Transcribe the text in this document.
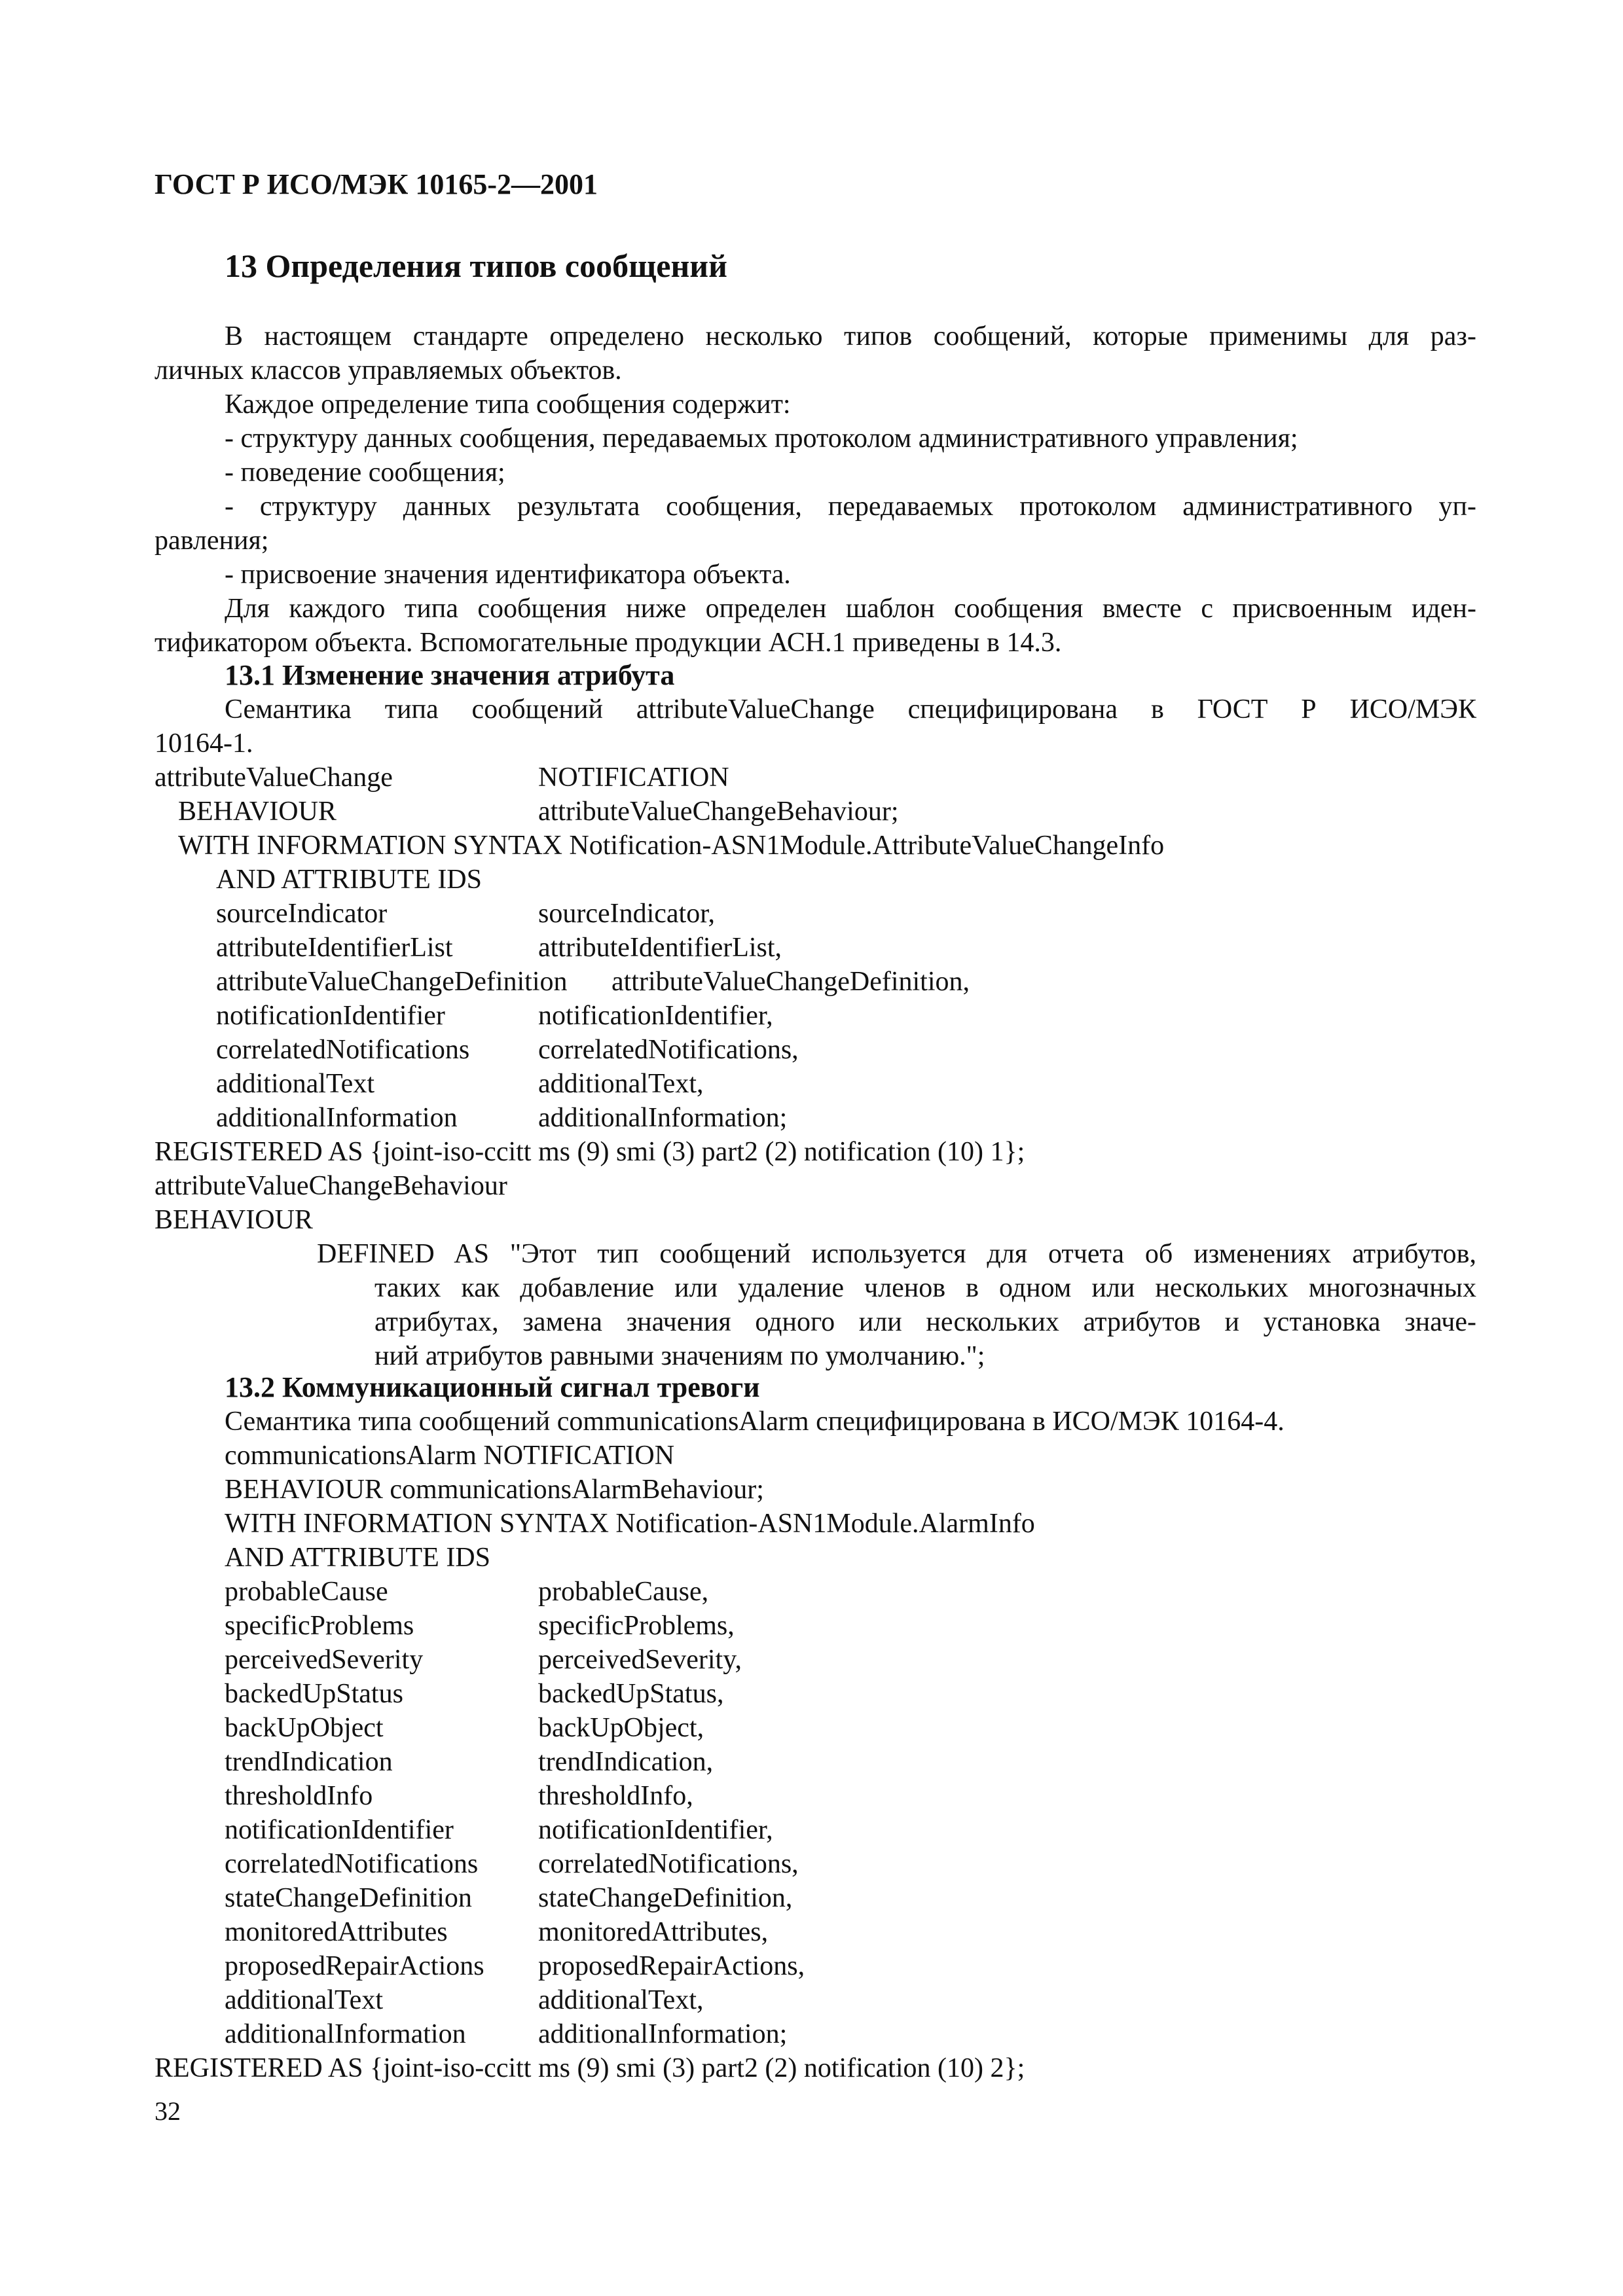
ГОСТ Р ИСО/МЭК 10165-2—2001
13 Определения типов сообщений
В настоящем стандарте определено несколько типов сообщений, которые применимы для раз-
личных классов управляемых объектов.
Каждое определение типа сообщения содержит:
- структуру данных сообщения, передаваемых протоколом административного управления;
- поведение сообщения;
- структуру данных результата сообщения, передаваемых протоколом административного уп-
равления;
- присвоение значения идентификатора объекта.
Для каждого типа сообщения ниже определен шаблон сообщения вместе с присвоенным иден-
тификатором объекта. Вспомогательные продукции АСН.1 приведены в 14.3.
13.1 Изменение значения атрибута
Семантика типа сообщений attributeValueChange специфицирована в ГОСТ Р ИСО/МЭК
10164-1.
attributeValueChange	NOTIFICATION
BEHAVIOUR	attributeValueChangeBehaviour;
WITH INFORMATION SYNTAX Notification-ASN1Module.AttributeValueChangeInfo
AND ATTRIBUTE IDS
sourceIndicator	sourceIndicator,
attributeIdentifierList	attributeIdentifierList,
attributeValueChangeDefinition attributeValueChangeDefinition,
notificationIdentifier	notificationIdentifier,
correlatedNotifications correlatedNotifications,
additionalText	additionalText,
additionalInformation	additionalInformation;
REGISTERED AS {joint-iso-ccitt ms (9) smi (3) part2 (2) notification (10) 1};
attributeValueChangeBehaviour
BEHAVIOUR
DEFINED AS "Этот тип сообщений используется для отчета об изменениях атрибутов,
таких как добавление или удаление членов в одном или нескольких многозначных
атрибутах, замена значения одного или нескольких атрибутов и установка значе-
ний атрибутов равными значениям по умолчанию.";
13.2 Коммуникационный сигнал тревоги
Семантика типа сообщений communicationsAlarm специфицирована в ИСО/МЭК 10164-4.
communicationsAlarm NOTIFICATION
BEHAVIOUR communicationsAlarmBehaviour;
WITH INFORMATION SYNTAX Notification-ASN1Module.AlarmInfo
AND ATTRIBUTE IDS
probableCause	probableCause,
specificProblems	specificProblems,
perceivedSeverity	perceivedSeverity,
backedUpStatus	backedUpStatus,
backUpObject	backUpObject,
trendIndication	trendIndication,
thresholdInfo	thresholdInfo,
notificationIdentifier	notificationIdentifier,
correlatedNotifications correlatedNotifications,
stateChangeDefinition stateChangeDefinition,
monitoredAttributes	monitoredAttributes,
proposedRepairActions proposedRepairActions,
additionalText	additionalText,
additionalInformation	additionalInformation;
REGISTERED AS {joint-iso-ccitt ms (9) smi (3) part2 (2) notification (10) 2};
32
